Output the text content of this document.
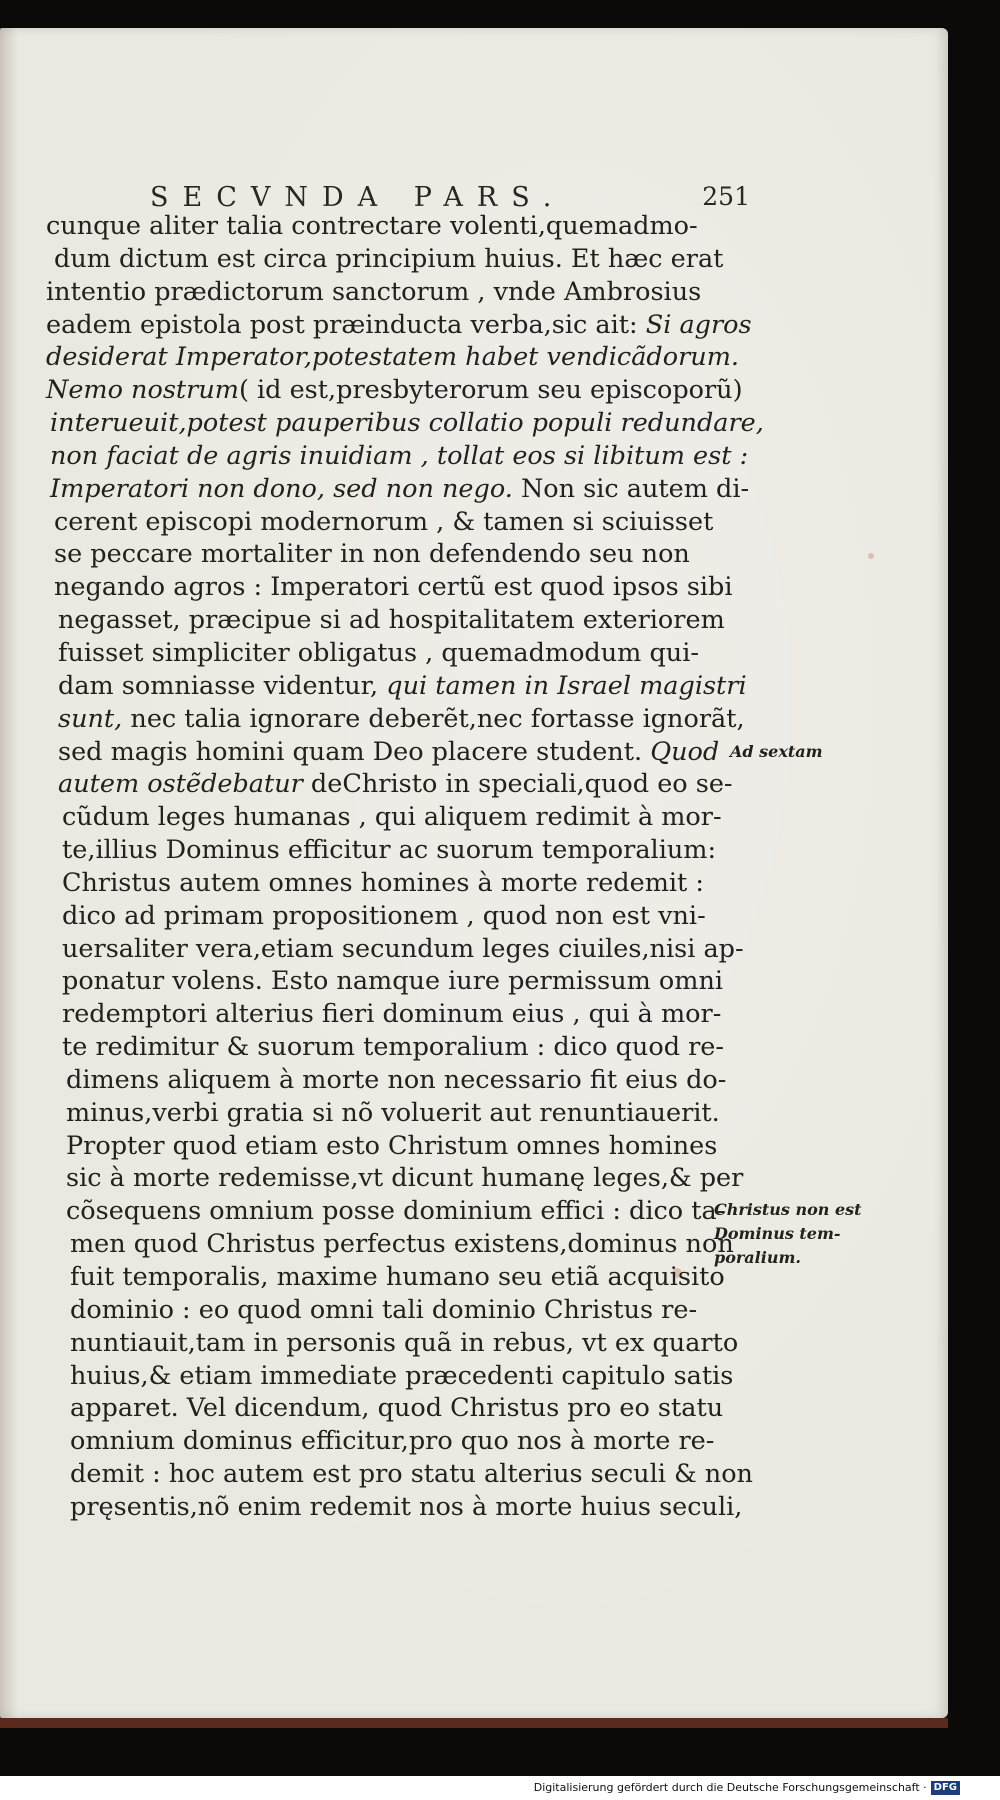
SECVNDA PARS.	251
cunque aliter talia contrectare volenti,quemadmo-
dum dictum est circa principium huius. Et hæc erat
intentio prædictorum sanctorum , vnde Ambrosius
eadem epistola post præinducta verba,sic ait: Si agros
desiderat Imperator,potestatem habet vendicãdorum.
Nemo nostrum( id est,presbyterorum seu episcoporũ)
interueuit,potest pauperibus collatio populi redundare,
non faciat de agris inuidiam , tollat eos si libitum est :
Imperatori non dono, sed non nego. Non sic autem di-
cerent episcopi modernorum , & tamen si sciuisset
se peccare mortaliter in non defendendo seu non
negando agros : Imperatori certũ est quod ipsos sibi
negasset, præcipue si ad hospitalitatem exteriorem
fuisset simpliciter obligatus , quemadmodum qui-
dam somniasse videntur, qui tamen in Israel magistri
sunt, nec talia ignorare deberẽt,nec fortasse ignorãt,
sed magis homini quam Deo placere student. Quod
autem ostẽdebatur deChristo in speciali,quod eo se-
cũdum leges humanas , qui aliquem redimit à mor-
te,illius Dominus efficitur ac suorum temporalium:
Christus autem omnes homines à morte redemit :
dico ad primam propositionem , quod non est vni-
uersaliter vera,etiam secundum leges ciuiles,nisi ap-
ponatur volens. Esto namque iure permissum omni
redemptori alterius fieri dominum eius , qui à mor-
te redimitur & suorum temporalium : dico quod re-
dimens aliquem à morte non necessario fit eius do-
minus,verbi gratia si nõ voluerit aut renuntiauerit.
Propter quod etiam esto Christum omnes homines
sic à morte redemisse,vt dicunt humanę leges,& per
cõsequens omnium posse dominium effici : dico ta-
men quod Christus perfectus existens,dominus non
fuit temporalis, maxime humano seu etiã acquisito
dominio : eo quod omni tali dominio Christus re-
nuntiauit,tam in personis quã in rebus, vt ex quarto
huius,& etiam immediate præcedenti capitulo satis
apparet. Vel dicendum, quod Christus pro eo statu
omnium dominus efficitur,pro quo nos à morte re-
demit : hoc autem est pro statu alterius seculi & non
pręsentis,nõ enim redemit nos à morte huius seculi,
Ad sextam
Christus non est
Dominus tem-
poralium.
Digitalisierung gefördert durch die Deutsche Forschungsgemeinschaft · DFG
